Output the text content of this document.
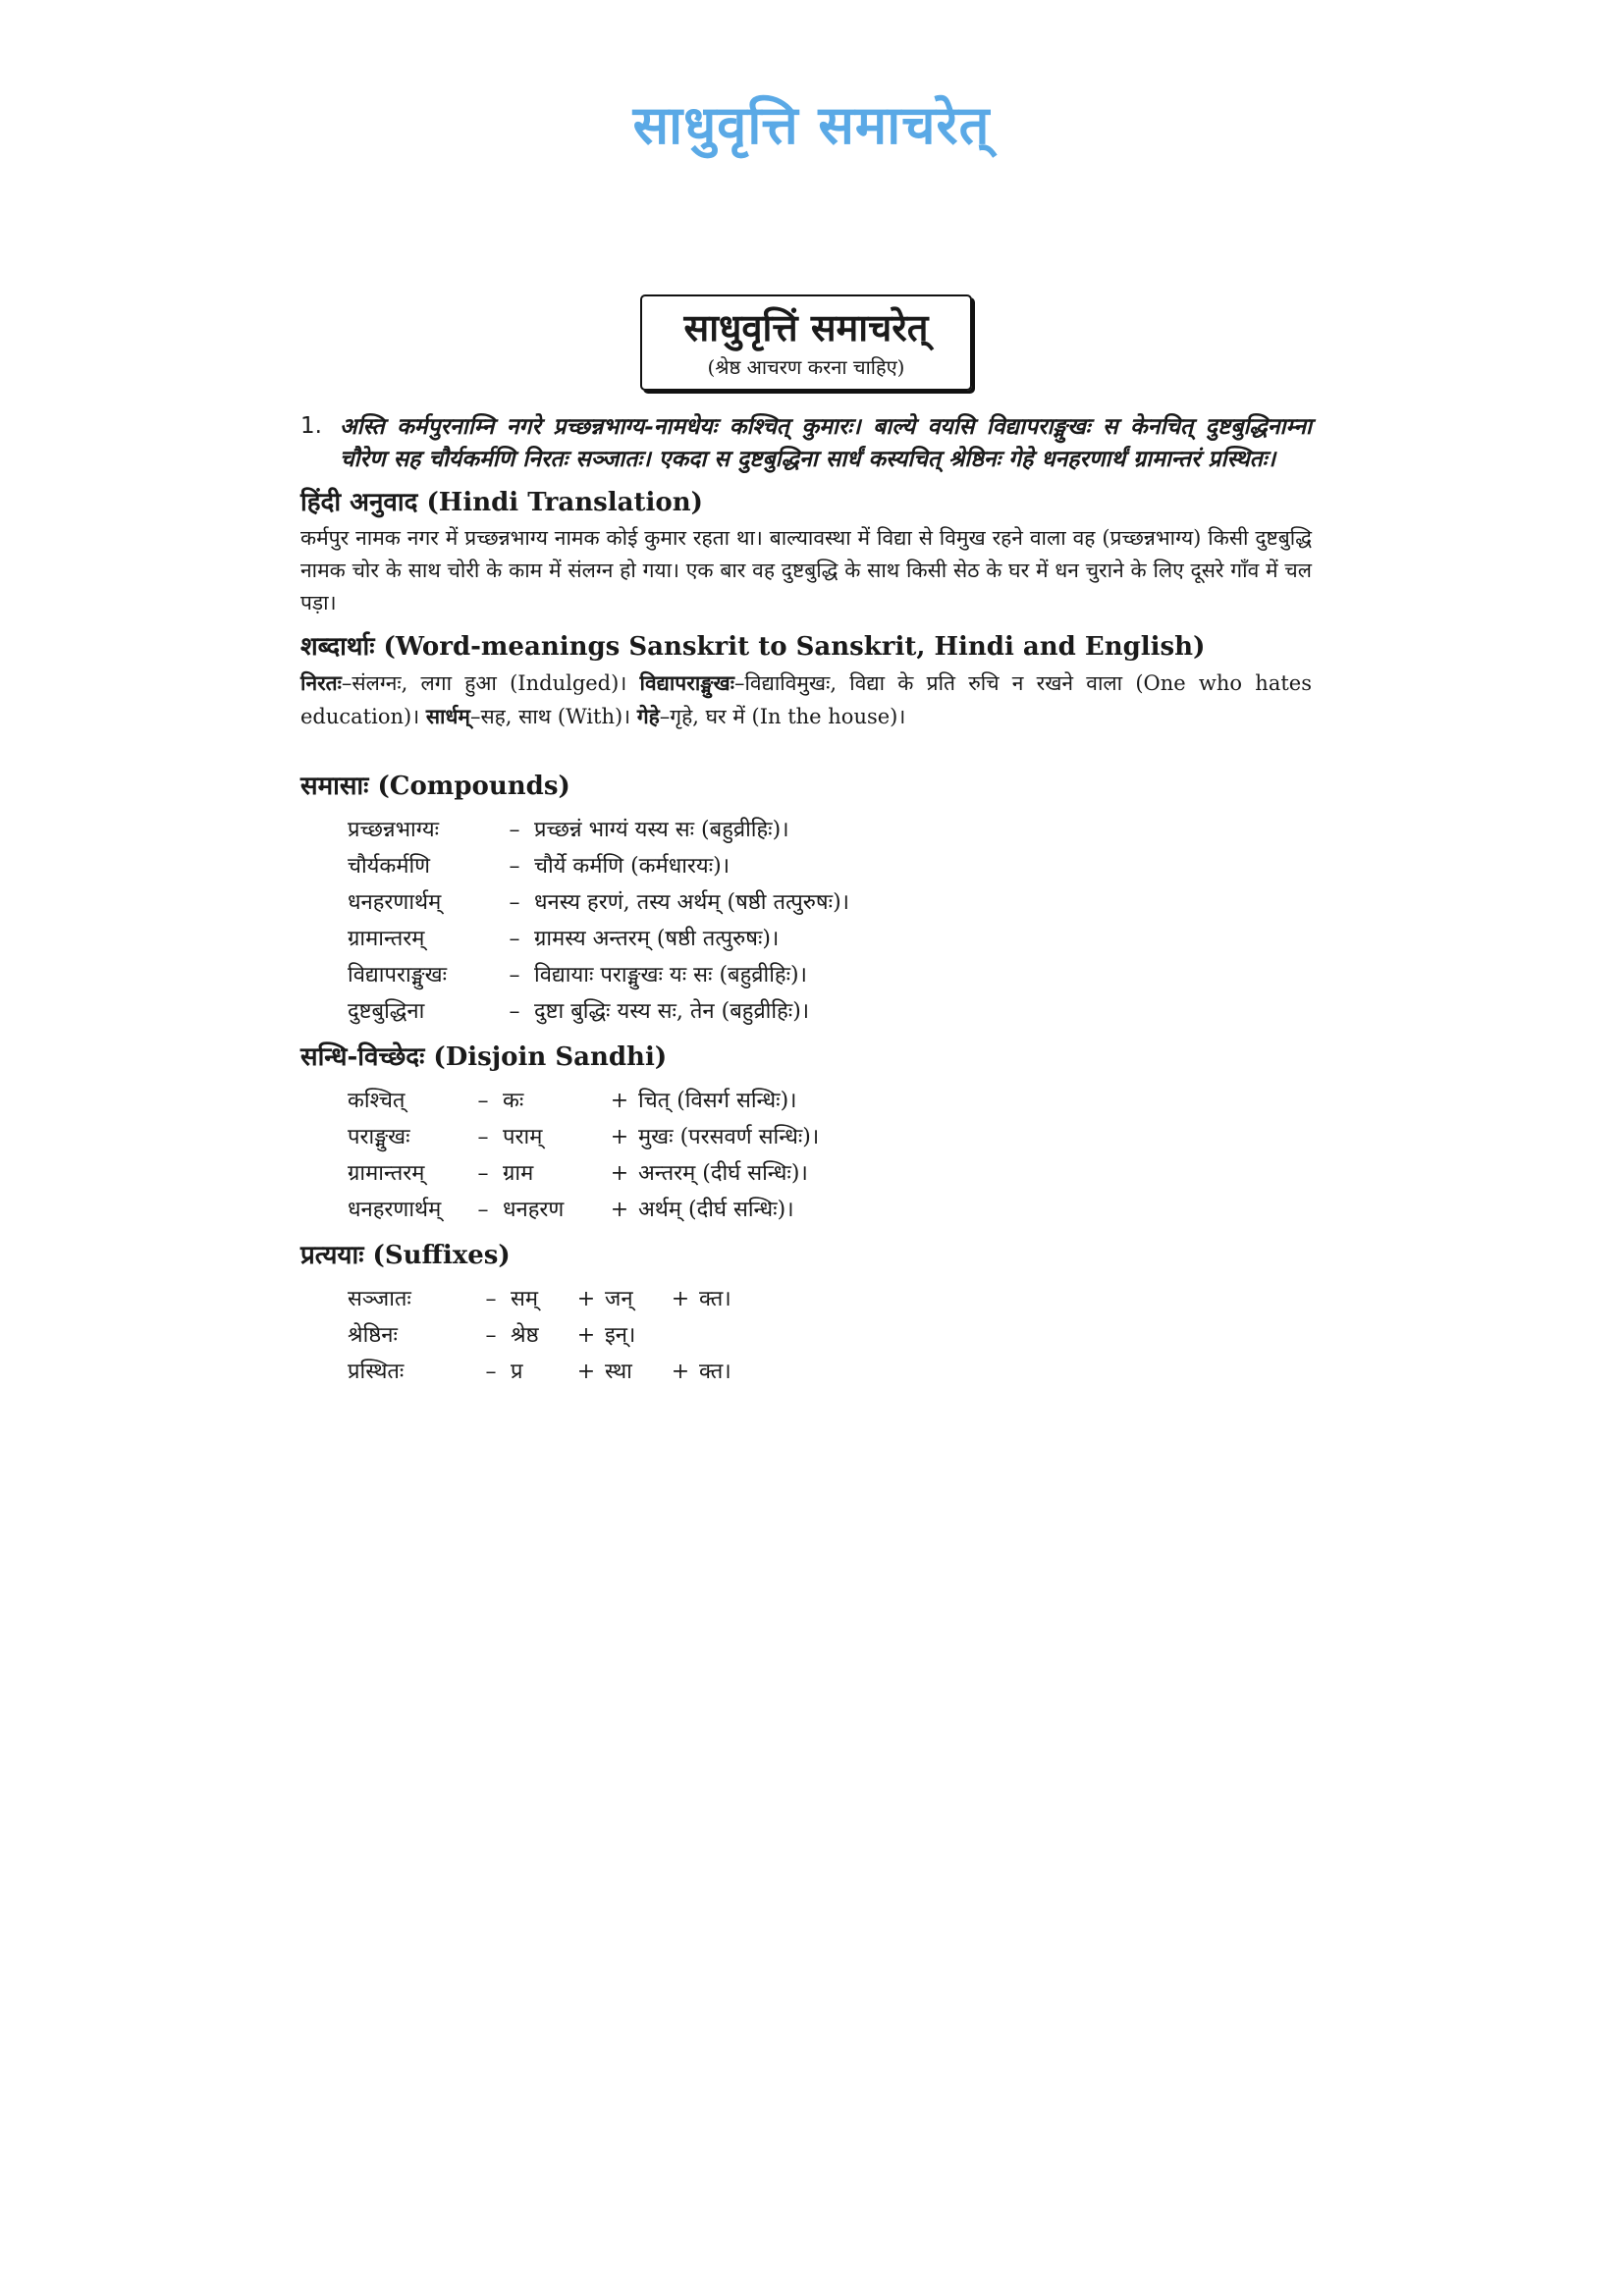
साधुवृत्ति समाचरेत्
साधुवृत्तिं समाचरेत्
(श्रेष्ठ आचरण करना चाहिए)
1. अस्ति कर्मपुरनाम्नि नगरे प्रच्छन्नभाग्य-नामधेयः कश्चित् कुमारः। बाल्ये वयसि विद्यापराङ्मुखः स केनचित् दुष्टबुद्धिनाम्ना चौरेण सह चौर्यकर्मणि निरतः सञ्जातः। एकदा स दुष्टबुद्धिना सार्धं कस्यचित् श्रेष्ठिनः गेहे धनहरणार्थं ग्रामान्तरं प्रस्थितः।
हिंदी अनुवाद (Hindi Translation)
कर्मपुर नामक नगर में प्रच्छन्नभाग्य नामक कोई कुमार रहता था। बाल्यावस्था में विद्या से विमुख रहने वाला वह (प्रच्छन्नभाग्य) किसी दुष्टबुद्धि नामक चोर के साथ चोरी के काम में संलग्न हो गया। एक बार वह दुष्टबुद्धि के साथ किसी सेठ के घर में धन चुराने के लिए दूसरे गाँव में चल पड़ा।
शब्दार्थाः (Word-meanings Sanskrit to Sanskrit, Hindi and English)
निरतः–संलग्नः, लगा हुआ (Indulged)। विद्यापराङ्मुखः–विद्याविमुखः, विद्या के प्रति रुचि न रखने वाला (One who hates education)। सार्धम्–सह, साथ (With)। गेहे–गृहे, घर में (In the house)।
समासाः (Compounds)
प्रच्छन्नभाग्यः	– प्रच्छन्नं भाग्यं यस्य सः (बहुव्रीहिः)।
चौर्यकर्मणि	– चौर्ये कर्मणि (कर्मधारयः)।
धनहरणार्थम्	– धनस्य हरणं, तस्य अर्थम् (षष्ठी तत्पुरुषः)।
ग्रामान्तरम्	– ग्रामस्य अन्तरम् (षष्ठी तत्पुरुषः)।
विद्यापराङ्मुखः	– विद्यायाः पराङ्मुखः यः सः (बहुव्रीहिः)।
दुष्टबुद्धिना	– दुष्टा बुद्धिः यस्य सः, तेन (बहुव्रीहिः)।
सन्धि-विच्छेदः (Disjoin Sandhi)
कश्चित्	– कः	+ चित् (विसर्ग सन्धिः)।
पराङ्मुखः	– पराम्	+ मुखः (परसवर्ण सन्धिः)।
ग्रामान्तरम्	– ग्राम	+ अन्तरम् (दीर्घ सन्धिः)।
धनहरणार्थम्	– धनहरण	+ अर्थम् (दीर्घ सन्धिः)।
प्रत्ययाः (Suffixes)
सञ्जातः	– सम्	+ जन्	+ क्त।
श्रेष्ठिनः	– श्रेष्ठ	+ इन्।
प्रस्थितः	– प्र	+ स्था	+ क्त।
